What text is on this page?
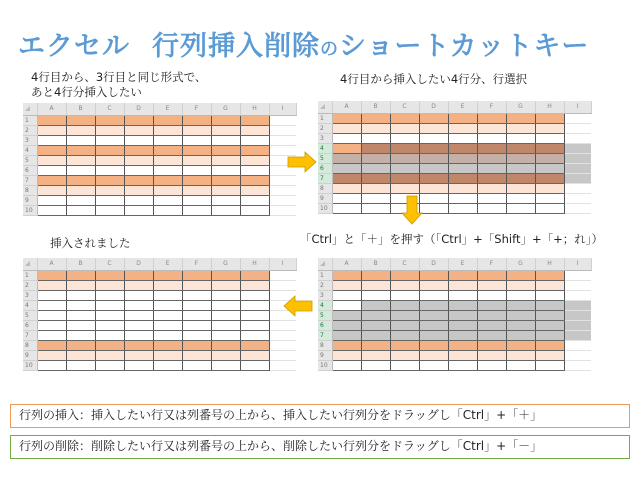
エクセル 行列挿入削除のショートカットキー
4行目から、3行目と同じ形式で、
あと4行分挿入したい
4行目から挿入したい4行分、行選択
「Ctrl」と「＋」を押す（「Ctrl」+「Shift」+「+；れ」）
挿入されました
	A	B	C	D	E	F	G	H	I
1									
2									
3									
4									
5									
6									
7									
8									
9									
10									
	A	B	C	D	E	F	G	H	I
1									
2									
3									
4									
5									
6									
7									
8									
9									
10									
	A	B	C	D	E	F	G	H	I
1									
2									
3									
4									
5									
6									
7									
8									
9									
10									
	A	B	C	D	E	F	G	H	I
1									
2									
3									
4									
5									
6									
7									
8									
9									
10									
行列の挿入：挿入したい行又は列番号の上から、挿入したい行列分をドラッグし「Ctrl」+「＋」
行列の削除：削除したい行又は列番号の上から、削除したい行列分をドラッグし「Ctrl」+「－」
